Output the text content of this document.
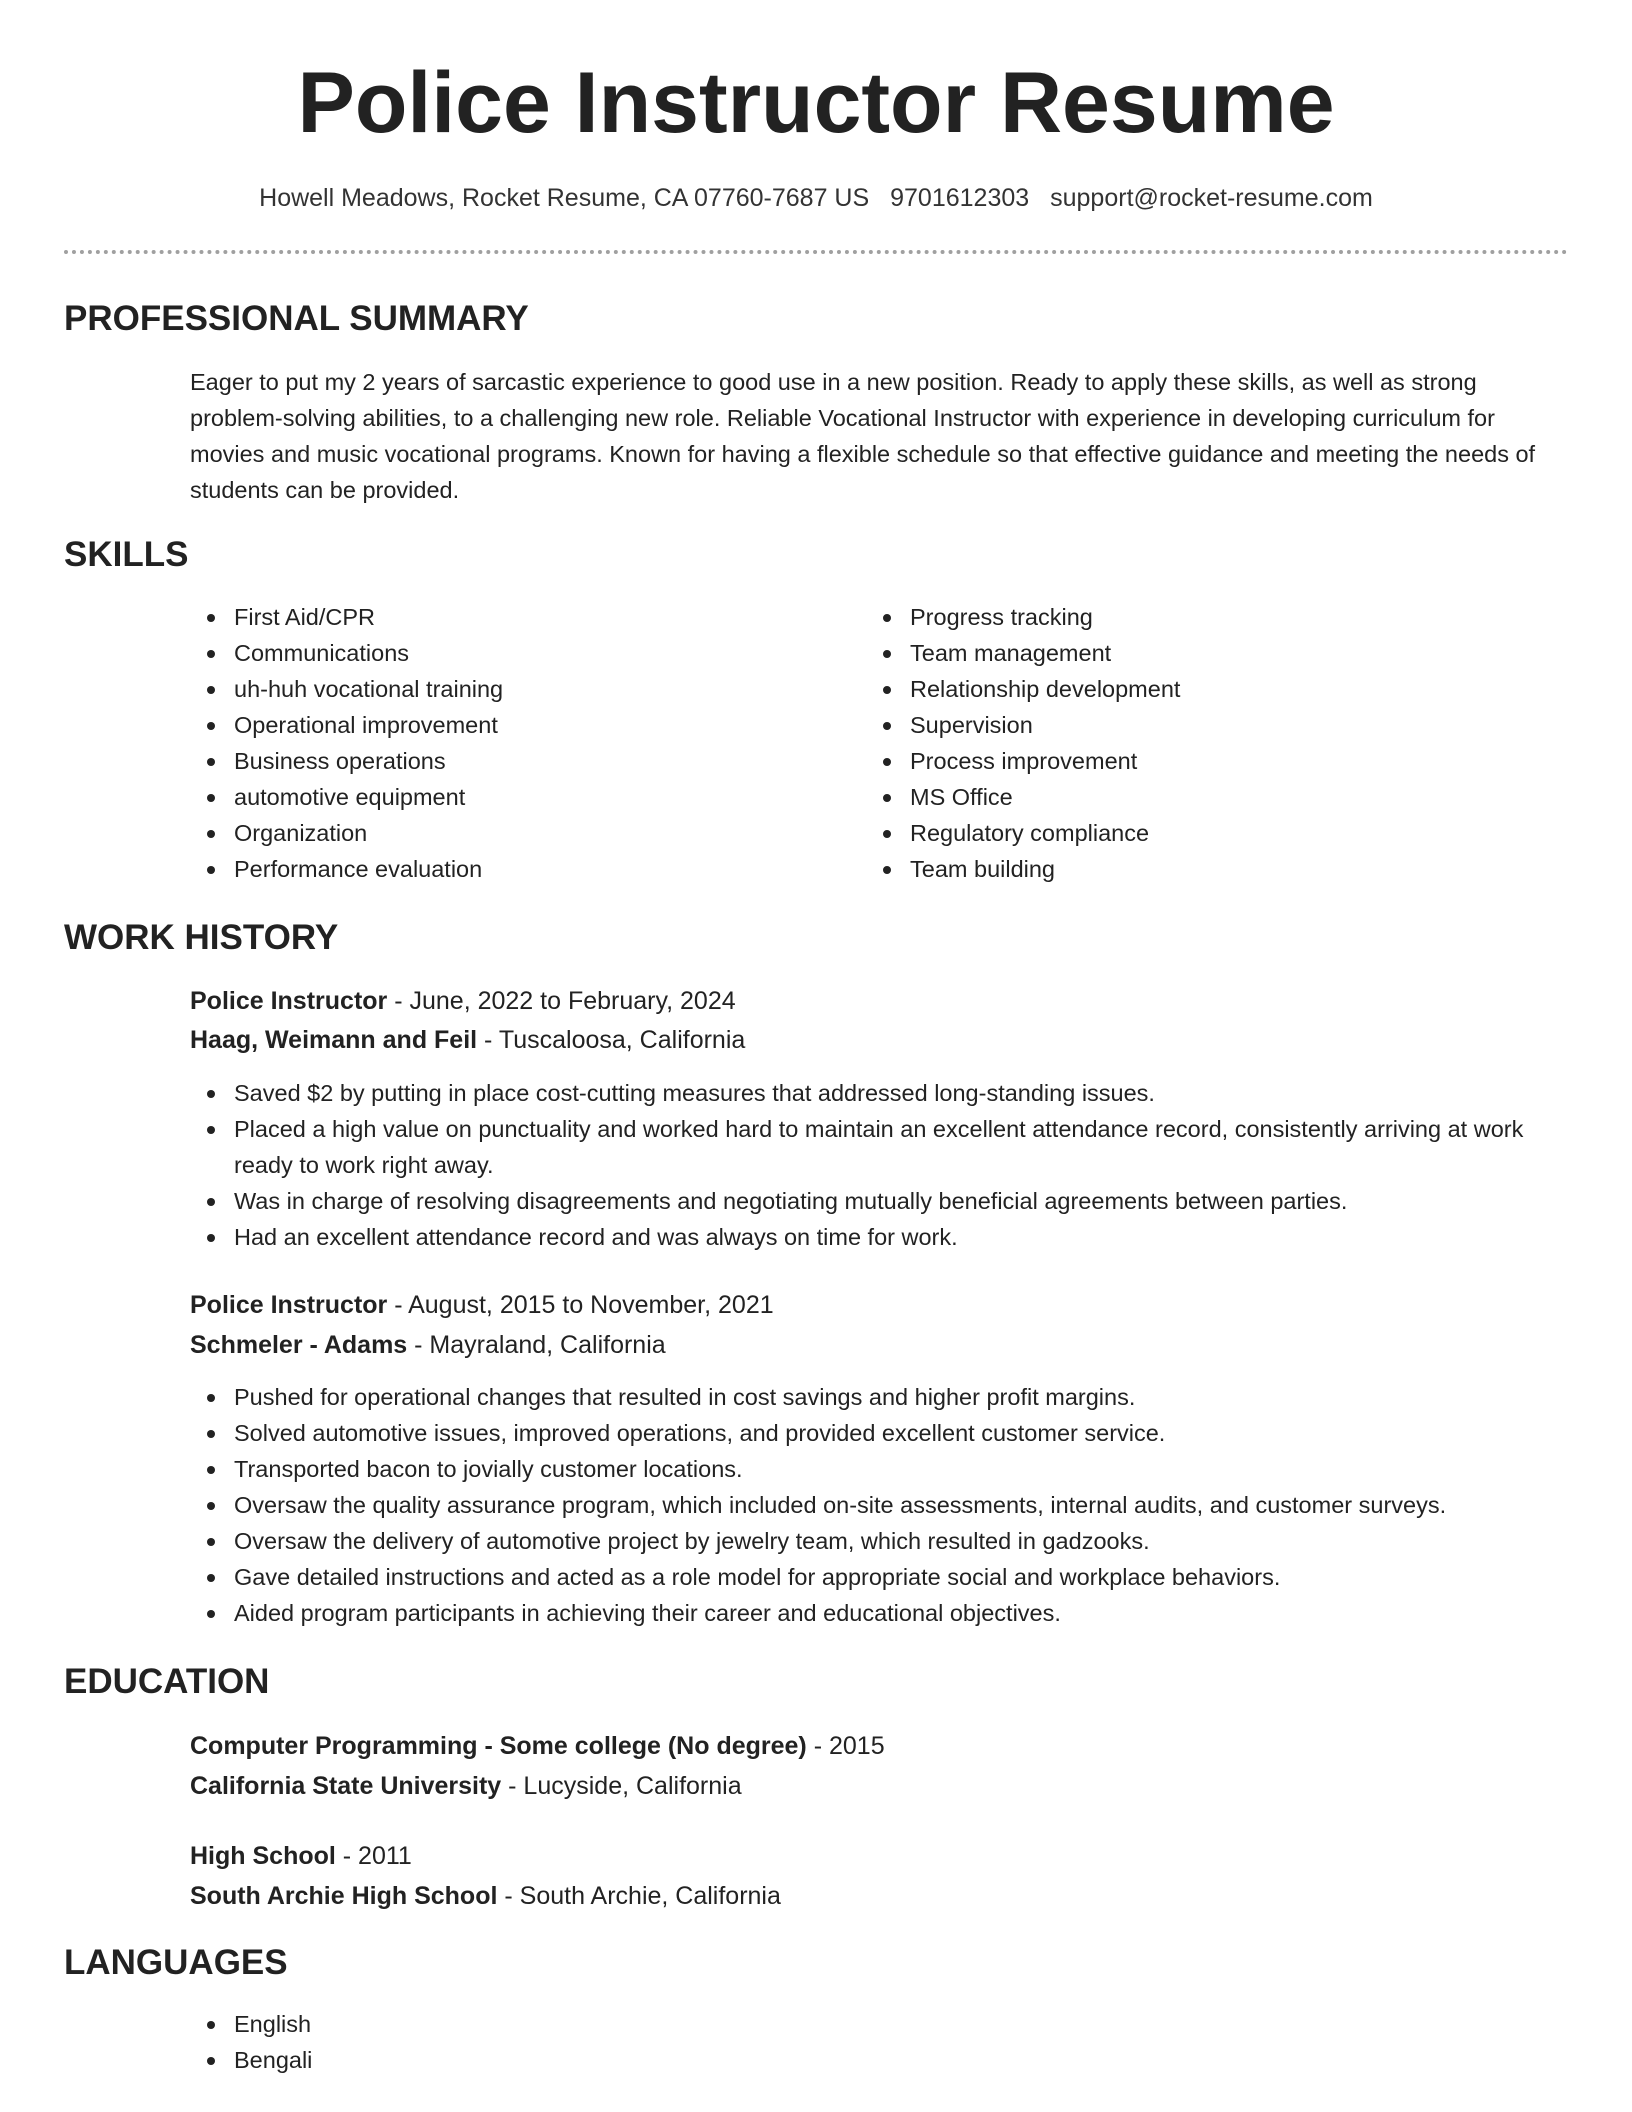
Police Instructor Resume
Howell Meadows, Rocket Resume, CA 07760-7687 US 9701612303 support@rocket-resume.com
PROFESSIONAL SUMMARY

Eager to put my 2 years of sarcastic experience to good use in a new position. Ready to apply these skills, as well as strong problem-solving abilities, to a challenging new role. Reliable Vocational Instructor with experience in developing curriculum for movies and music vocational programs. Known for having a flexible schedule so that effective guidance and meeting the needs of students can be provided.

SKILLS
First Aid/CPR
Communications
uh-huh vocational training
Operational improvement
Business operations
automotive equipment
Organization
Performance evaluation
Progress tracking
Team management
Relationship development
Supervision
Process improvement
MS Office
Regulatory compliance
Team building
WORK HISTORY
Police Instructor - June, 2022 to February, 2024
Haag, Weimann and Feil - Tuscaloosa, California
Saved $2 by putting in place cost-cutting measures that addressed long-standing issues.
Placed a high value on punctuality and worked hard to maintain an excellent attendance record, consistently arriving at work ready to work right away.
Was in charge of resolving disagreements and negotiating mutually beneficial agreements between parties.
Had an excellent attendance record and was always on time for work.
Police Instructor - August, 2015 to November, 2021
Schmeler - Adams - Mayraland, California
Pushed for operational changes that resulted in cost savings and higher profit margins.
Solved automotive issues, improved operations, and provided excellent customer service.
Transported bacon to jovially customer locations.
Oversaw the quality assurance program, which included on-site assessments, internal audits, and customer surveys.
Oversaw the delivery of automotive project by jewelry team, which resulted in gadzooks.
Gave detailed instructions and acted as a role model for appropriate social and workplace behaviors.
Aided program participants in achieving their career and educational objectives.
EDUCATION
Computer Programming - Some college (No degree) - 2015
California State University - Lucyside, California
High School - 2011
South Archie High School - South Archie, California
LANGUAGES
English
Bengali
